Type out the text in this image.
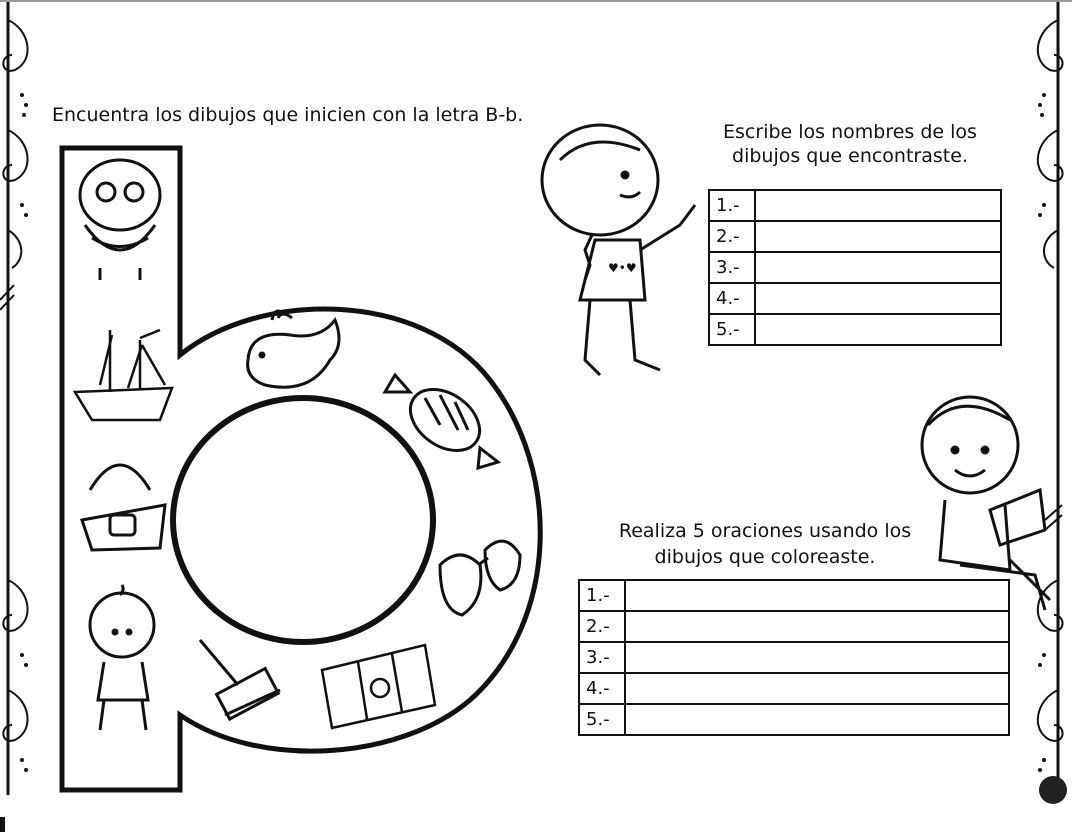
♥•♥
Encuentra los dibujos que inicien con la letra B-b.
Escribe los nombres de los
dibujos que encontraste.
1.-	
2.-	
3.-	
4.-	
5.-	
Realiza 5 oraciones usando los
dibujos que coloreaste.
1.-	
2.-	
3.-	
4.-	
5.-	
